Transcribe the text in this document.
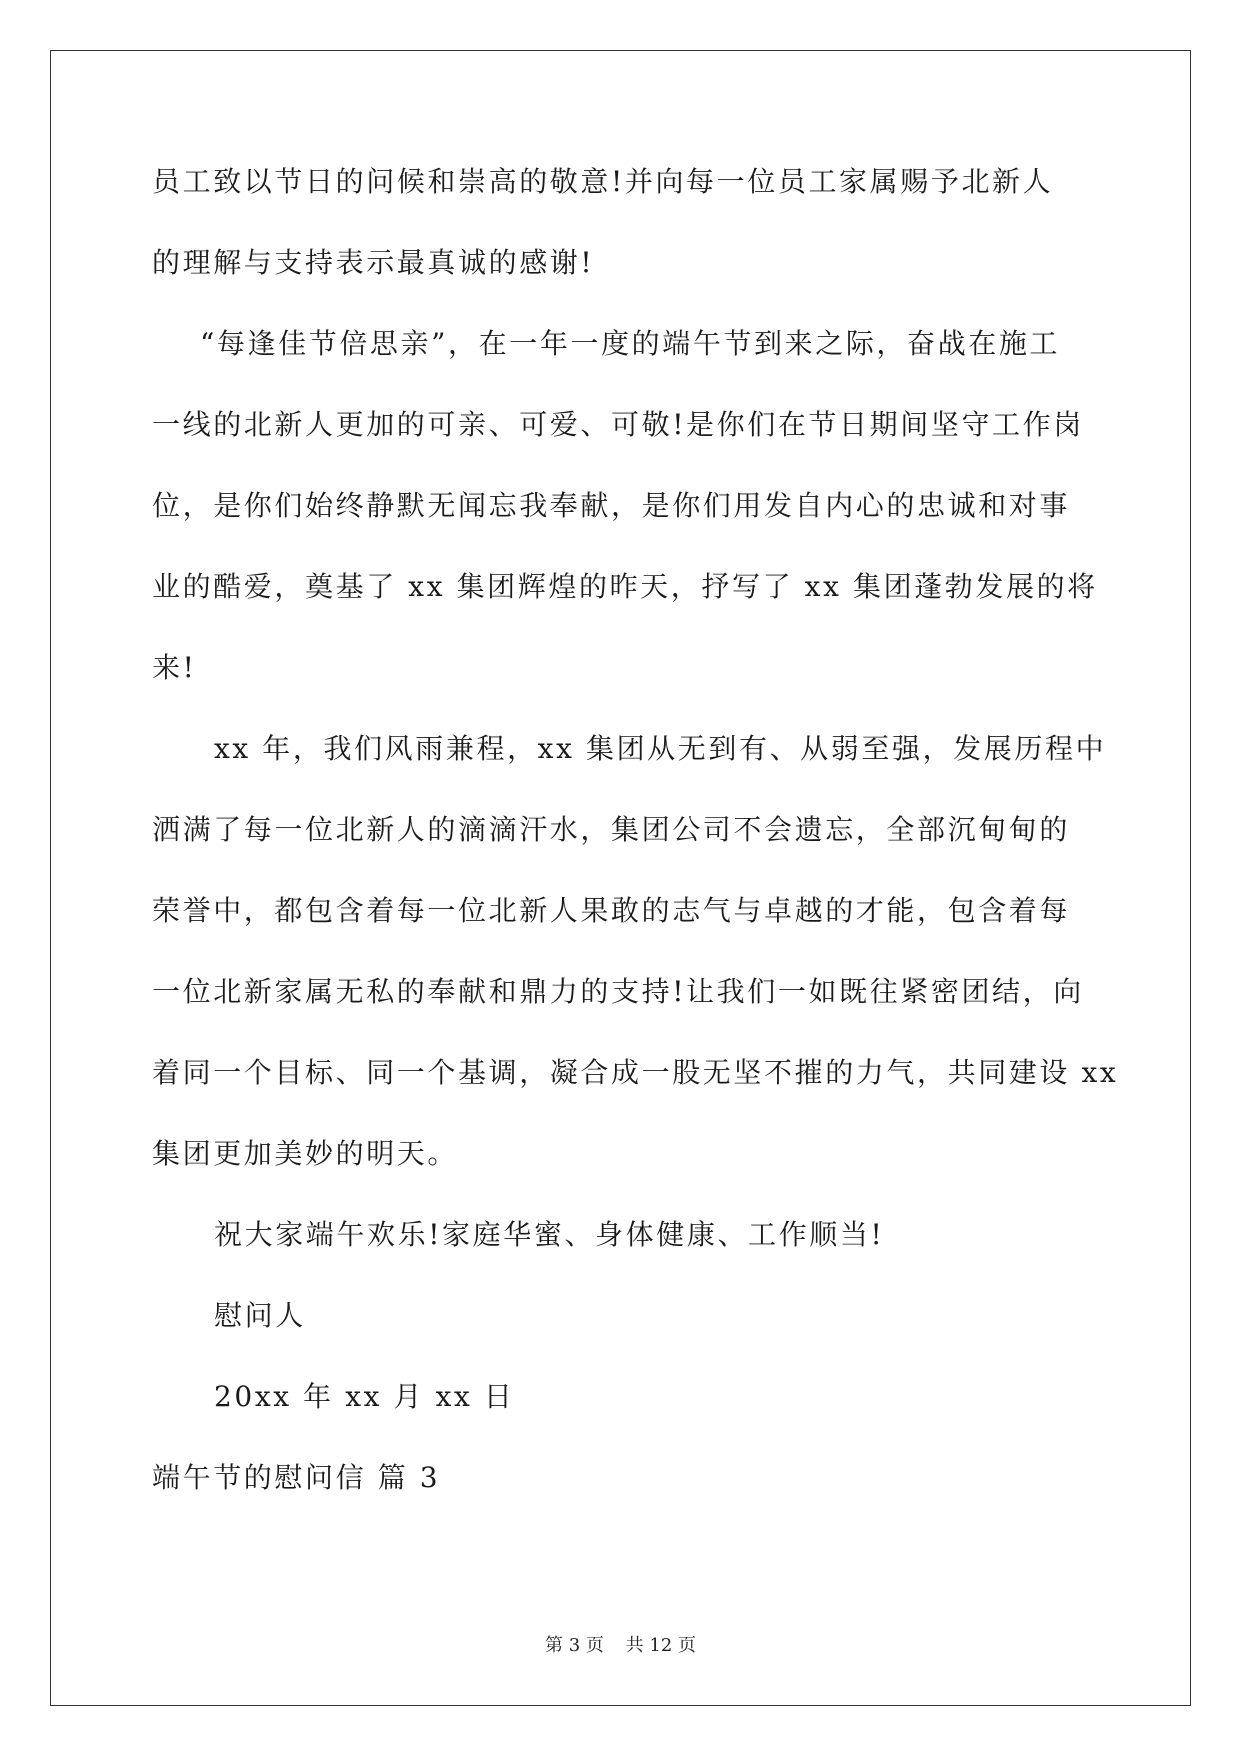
员工致以节日的问候和崇高的敬意!并向每一位员工家属赐予北新人
的理解与支持表示最真诚的感谢!
“每逢佳节倍思亲”，在一年一度的端午节到来之际，奋战在施工
一线的北新人更加的可亲、可爱、可敬!是你们在节日期间坚守工作岗
位，是你们始终静默无闻忘我奉献，是你们用发自内心的忠诚和对事
业的酷爱，奠基了 xx 集团辉煌的昨天，抒写了 xx 集团蓬勃发展的将
来!
xx 年，我们风雨兼程，xx 集团从无到有、从弱至强，发展历程中
洒满了每一位北新人的滴滴汗水，集团公司不会遗忘，全部沉甸甸的
荣誉中，都包含着每一位北新人果敢的志气与卓越的才能，包含着每
一位北新家属无私的奉献和鼎力的支持!让我们一如既往紧密团结，向
着同一个目标、同一个基调，凝合成一股无坚不摧的力气，共同建设 xx
集团更加美妙的明天。
祝大家端午欢乐!家庭华蜜、身体健康、工作顺当!
慰问人
20xx 年 xx 月 xx 日
端午节的慰问信 篇 3
第 3 页 共 12 页
